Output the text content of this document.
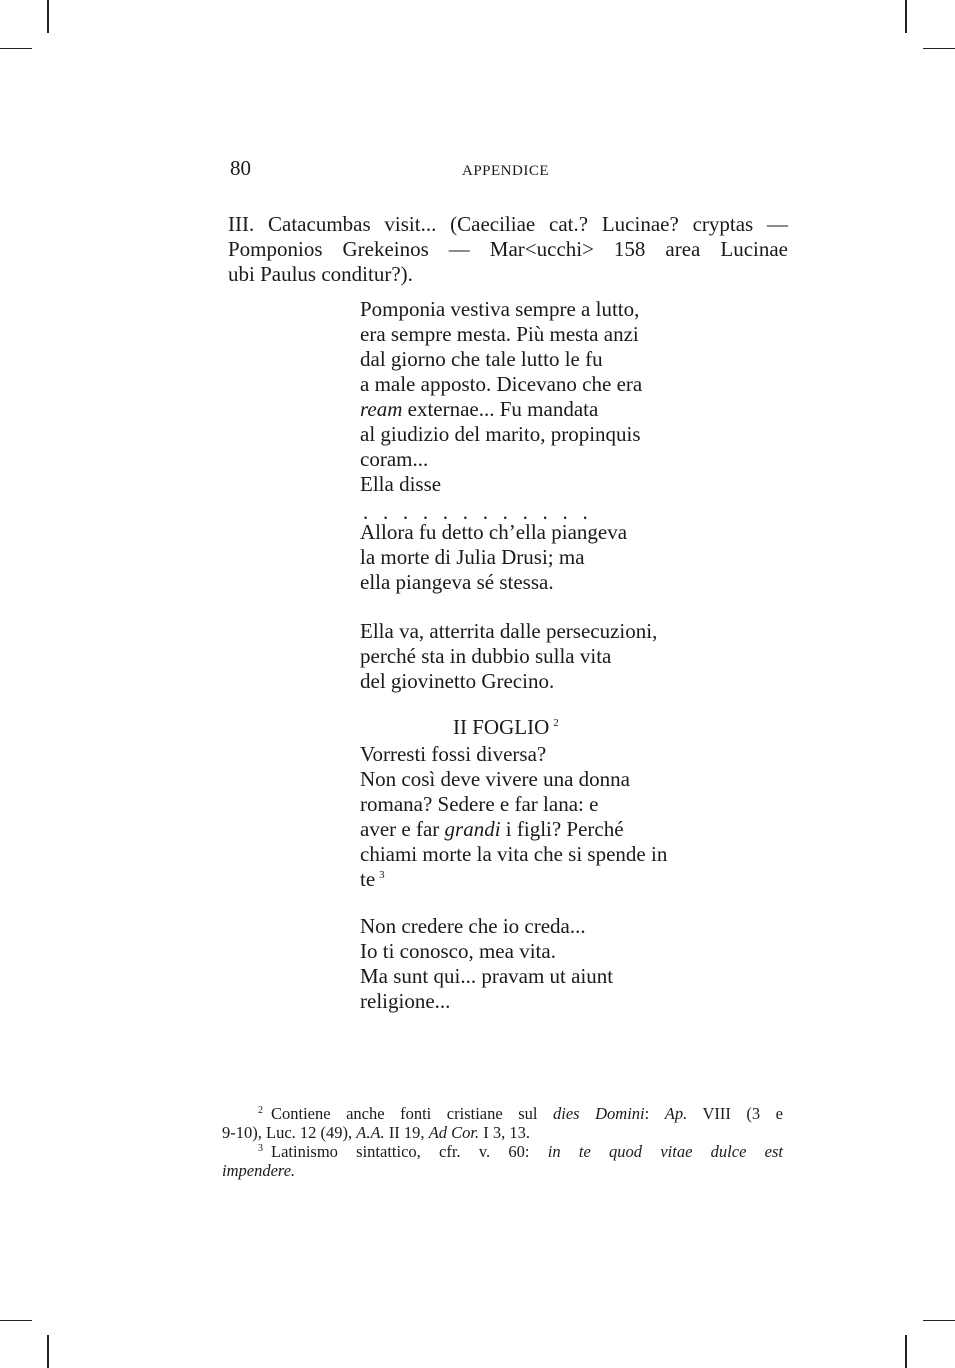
80	APPENDICE
III. Catacumbas visit... (Caeciliae cat.? Lucinae? cryptas —
Pomponios Grekeinos — Mar<ucchi> 158 area Lucinae
ubi Paulus conditur?).
Pomponia vestiva sempre a lutto,
era sempre mesta. Più mesta anzi
dal giorno che tale lutto le fu
a male apposto. Dicevano che era
ream externae... Fu mandata
al giudizio del marito, propinquis
coram...
Ella disse
............
Allora fu detto ch’ella piangeva
la morte di Julia Drusi; ma
ella piangeva sé stessa.
Ella va, atterrita dalle persecuzioni,
perché sta in dubbio sulla vita
del giovinetto Grecino.
II FOGLIO $^2$
Vorresti fossi diversa?
Non così deve vivere una donna
romana? Sedere e far lana: e
aver e far grandi i figli? Perché
chiami morte la vita che si spende in
te $^3$
Non credere che io creda...
Io ti conosco, mea vita.
Ma sunt qui... pravam ut aiunt
religione...
$^2$ Contiene anche fonti cristiane sul dies Domini: Ap. VIII (3 e
9-10), Luc. 12 (49), A.A. II 19, Ad Cor. I 3, 13.
$^3$ Latinismo sintattico, cfr. v. 60: in te quod vitae dulce est
impendere.
